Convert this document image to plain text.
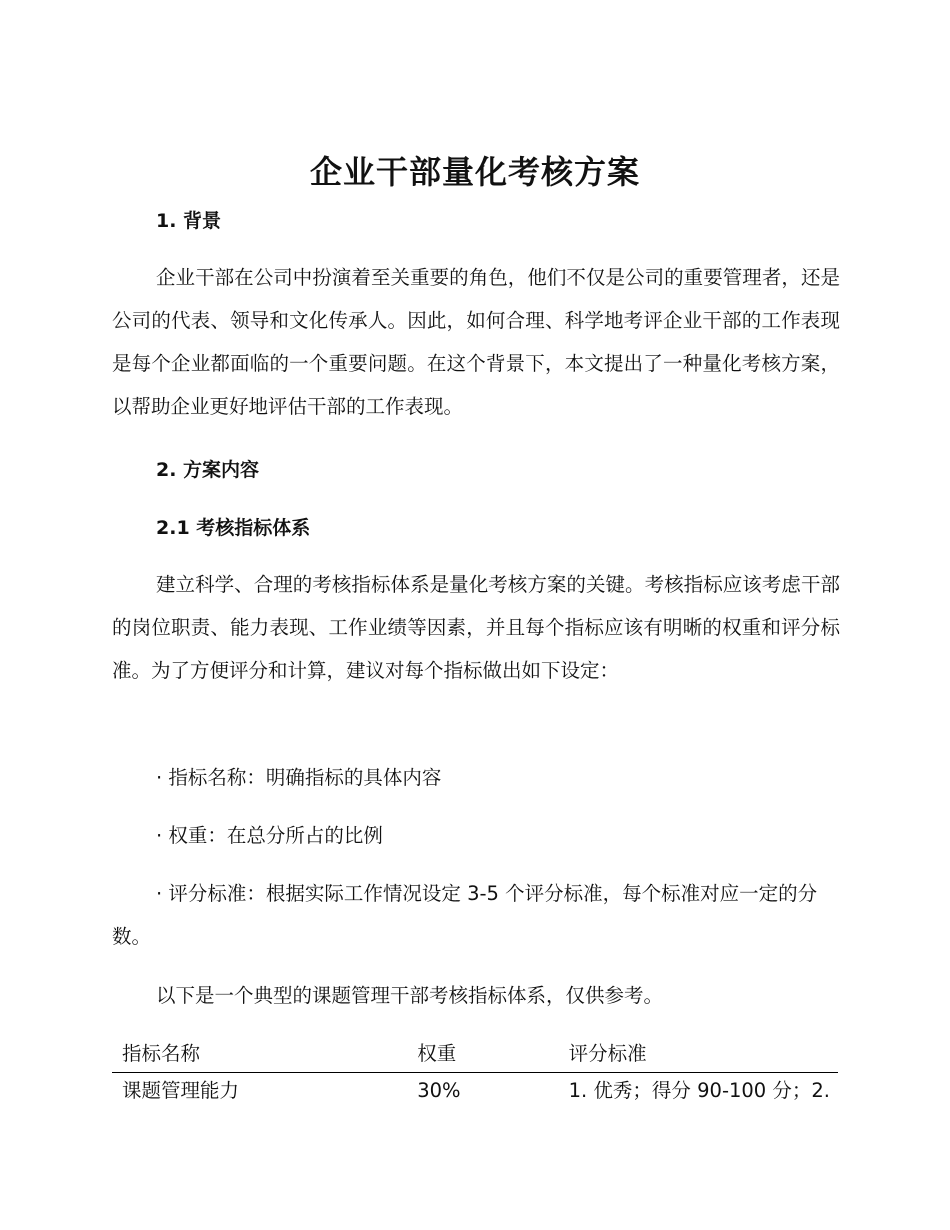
企业干部量化考核方案
1. 背景

企业干部在公司中扮演着至关重要的角色，他们不仅是公司的重要管理者，还是公司的代表、领导和文化传承人。因此，如何合理、科学地考评企业干部的工作表现是每个企业都面临的一个重要问题。在这个背景下，本文提出了一种量化考核方案，以帮助企业更好地评估干部的工作表现。

2. 方案内容
2.1 考核指标体系

建立科学、合理的考核指标体系是量化考核方案的关键。考核指标应该考虑干部的岗位职责、能力表现、工作业绩等因素，并且每个指标应该有明晰的权重和评分标准。为了方便评分和计算，建议对每个指标做出如下设定：

· 指标名称：明确指标的具体内容

· 权重：在总分所占的比例

· 评分标准：根据实际工作情况设定 3-5 个评分标准，每个标准对应一定的分数。

以下是一个典型的课题管理干部考核指标体系，仅供参考。

指标名称	权重	评分标准
课题管理能力	30%	1. 优秀；得分 90-100 分；2.
